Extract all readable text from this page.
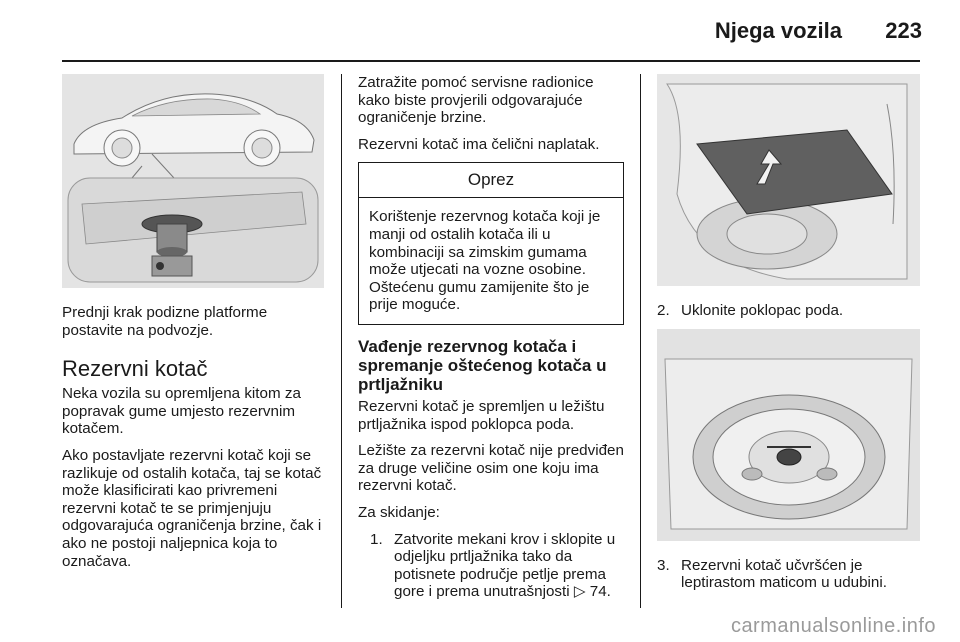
Njega vozila 223

Prednji krak podizne platforme postavite na podvozje.

Rezervni kotač

Neka vozila su opremljena kitom za popravak gume umjesto rezervnim kotačem.

Ako postavljate rezervni kotač koji se razlikuje od ostalih kotača, taj se kotač može klasificirati kao privremeni rezervni kotač te se primjenjuju odgovarajuća ograničenja brzine, čak i ako ne postoji naljepnica koja to označava.

Zatražite pomoć servisne radionice kako biste provjerili odgovarajuće ograničenje brzine.

Rezervni kotač ima čelični naplatak.

Oprez

Korištenje rezervnog kotača koji je manji od ostalih kotača ili u kombinaciji sa zimskim gumama može utjecati na vozne osobine. Oštećenu gumu zamijenite što je prije moguće.

Vađenje rezervnog kotača i spremanje oštećenog kotača u prtljažniku

Rezervni kotač je spremljen u ležištu prtljažnika ispod poklopca poda.

Ležište za rezervni kotač nije predviđen za druge veličine osim one koju ima rezervni kotač.

Za skidanje:

1. Zatvorite mekani krov i sklopite u odjeljku prtljažnika tako da potisnete područje petlje prema gore i prema unutrašnjosti ▷ 74.
2. Uklonite poklopac poda.
3. Rezervni kotač učvršćen je leptirastom maticom u udubini.
carmanualsonline.info
